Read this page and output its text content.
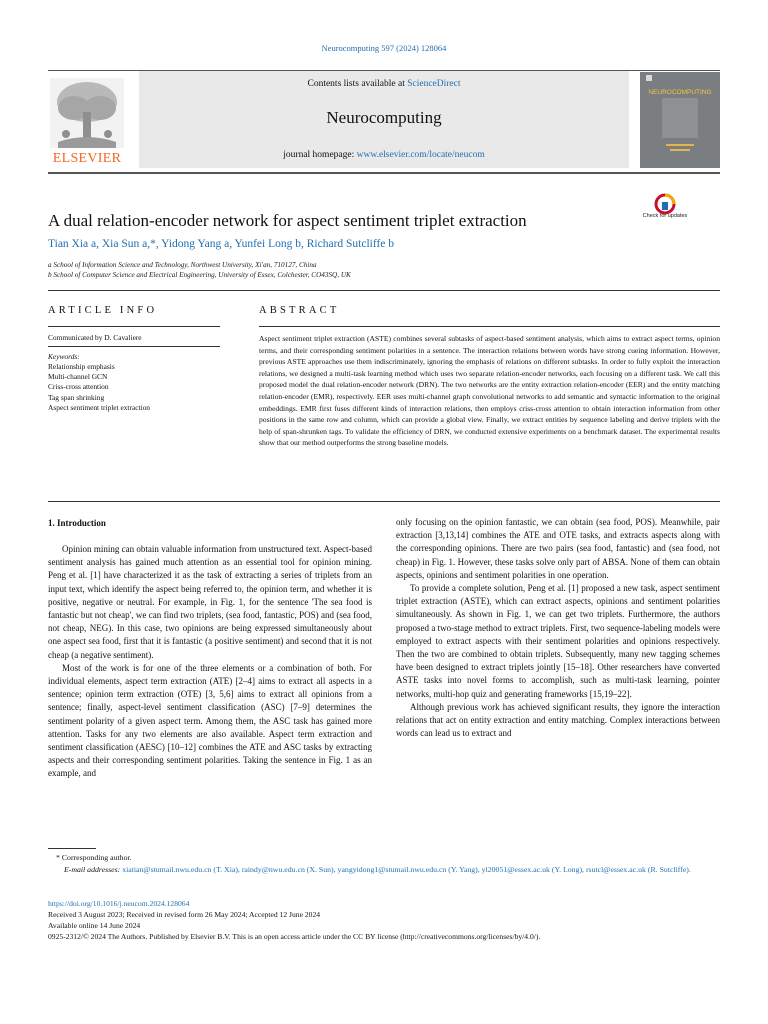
Neurocomputing 597 (2024) 128064
Contents lists available at ScienceDirect
Neurocomputing
journal homepage: www.elsevier.com/locate/neucom
ELSEVIER
NEUROCOMPUTING
A dual relation-encoder network for aspect sentiment triplet extraction	Check for updates
Tian Xia a, Xia Sun a,*, Yidong Yang a, Yunfei Long b, Richard Sutcliffe b
a School of Information Science and Technology, Northwest University, Xi'an, 710127, China
b School of Computer Science and Electrical Engineering, University of Essex, Colchester, CO43SQ, UK
ARTICLE INFO
Communicated by D. Cavaliere
Keywords:
Relationship emphasis
Multi-channel GCN
Criss-cross attention
Tag span shrinking
Aspect sentiment triplet extraction
ABSTRACT
Aspect sentiment triplet extraction (ASTE) combines several subtasks of aspect-based sentiment analysis, which aims to extract aspect terms, opinion terms, and their corresponding sentiment polarities in a sentence. The interaction relations between words have strong cueing information. However, previous ASTE approaches use them indiscriminately, ignoring the emphasis of relations on different subtasks. In order to fully exploit the interaction relations, we designed a multi-task learning method which uses two separate relation-encoder networks, each focusing on a different task. We call this proposed model the dual relation-encoder network (DRN). The two networks are the entity extraction relation-encoder (EER) and the entity matching relation-encoder (EMR), respectively. EER uses multi-channel graph convolutional networks to add semantic and syntactic information to the original embeddings. EMR first fuses different kinds of interaction relations, then employs criss-cross attention to obtain interaction information from other positions in the same row and column, which can provide a global view. Finally, we extract entities by sequence labeling and derive triplets with the help of span-shrunken tags. To validate the efficiency of DRN, we conducted extensive experiments on a benchmark dataset. The experimental results show that our method outperforms the strong baseline models.
1. Introduction

Opinion mining can obtain valuable information from unstructured text. Aspect-based sentiment analysis has gained much attention as an essential tool for opinion mining. Peng et al. [1] have characterized it as the task of extracting a series of triplets from an input text, which identify the aspect being referred to, the opinion term, and whether it is positive, negative or neutral. For example, in Fig. 1, for the sentence 'The sea food is fantastic but not cheap', we can find two triplets, (sea food, fantastic, POS) and (sea food, not cheap, NEG). In this case, two opinions are being expressed simultaneously about one aspect sea food, first that it is fantastic (a positive sentiment) and second that it is not cheap (a negative sentiment).

Most of the work is for one of the three elements or a combination of both. For individual elements, aspect term extraction (ATE) [2–4] aims to extract all aspects in a sentence; opinion term extraction (OTE) [3, 5,6] aims to extract all opinions from a sentence; finally, aspect-level sentiment classification (ASC) [7–9] determines the sentiment polarity of a given aspect term. Among them, the ASC task has gained more attention. Tasks for any two elements are also available. Aspect term extraction and sentiment classification (AESC) [10–12] combines the ATE and ASC tasks by extracting aspects and their corresponding sentiment polarities. Taking the sentence in Fig. 1 as an example, and

only focusing on the opinion fantastic, we can obtain (sea food, POS). Meanwhile, pair extraction [3,13,14] combines the ATE and OTE tasks, and extracts aspects along with the corresponding opinions. There are two pairs (sea food, fantastic) and (sea food, not cheap) in Fig. 1. However, these tasks solve only part of ABSA. None of them can obtain aspects, opinions and sentiment polarities in one operation.

To provide a complete solution, Peng et al. [1] proposed a new task, aspect sentiment triplet extraction (ASTE), which can extract aspects, opinions and sentiment polarities simultaneously. As shown in Fig. 1, we can get two triplets. Furthermore, the authors proposed a two-stage method to extract triplets. First, two sequence-labeling models were employed to extract aspects with their sentiment polarities and opinions respectively. Then the two are combined to obtain triplets. Subsequently, many new tagging schemes have been designed to extract triplets jointly [15–18]. Other researchers have converted ASTE tasks into novel forms to accomplish, such as multi-task learning, pointer networks, multi-hop quiz and generating frameworks [15,19–22].

Although previous work has achieved significant results, they ignore the interaction relations that act on entity extraction and entity matching. Complex interactions between words can lead us to extract and

* Corresponding author.
E-mail addresses: xiatian@stumail.nwu.edu.cn (T. Xia), raindy@nwu.edu.cn (X. Sun), yangyidong1@stumail.nwu.edu.cn (Y. Yang), yl20051@essex.ac.uk (Y. Long), rsutcl@essex.ac.uk (R. Sutcliffe).
https://doi.org/10.1016/j.neucom.2024.128064
Received 3 August 2023; Received in revised form 26 May 2024; Accepted 12 June 2024
Available online 14 June 2024
0925-2312/© 2024 The Authors. Published by Elsevier B.V. This is an open access article under the CC BY license (http://creativecommons.org/licenses/by/4.0/).
